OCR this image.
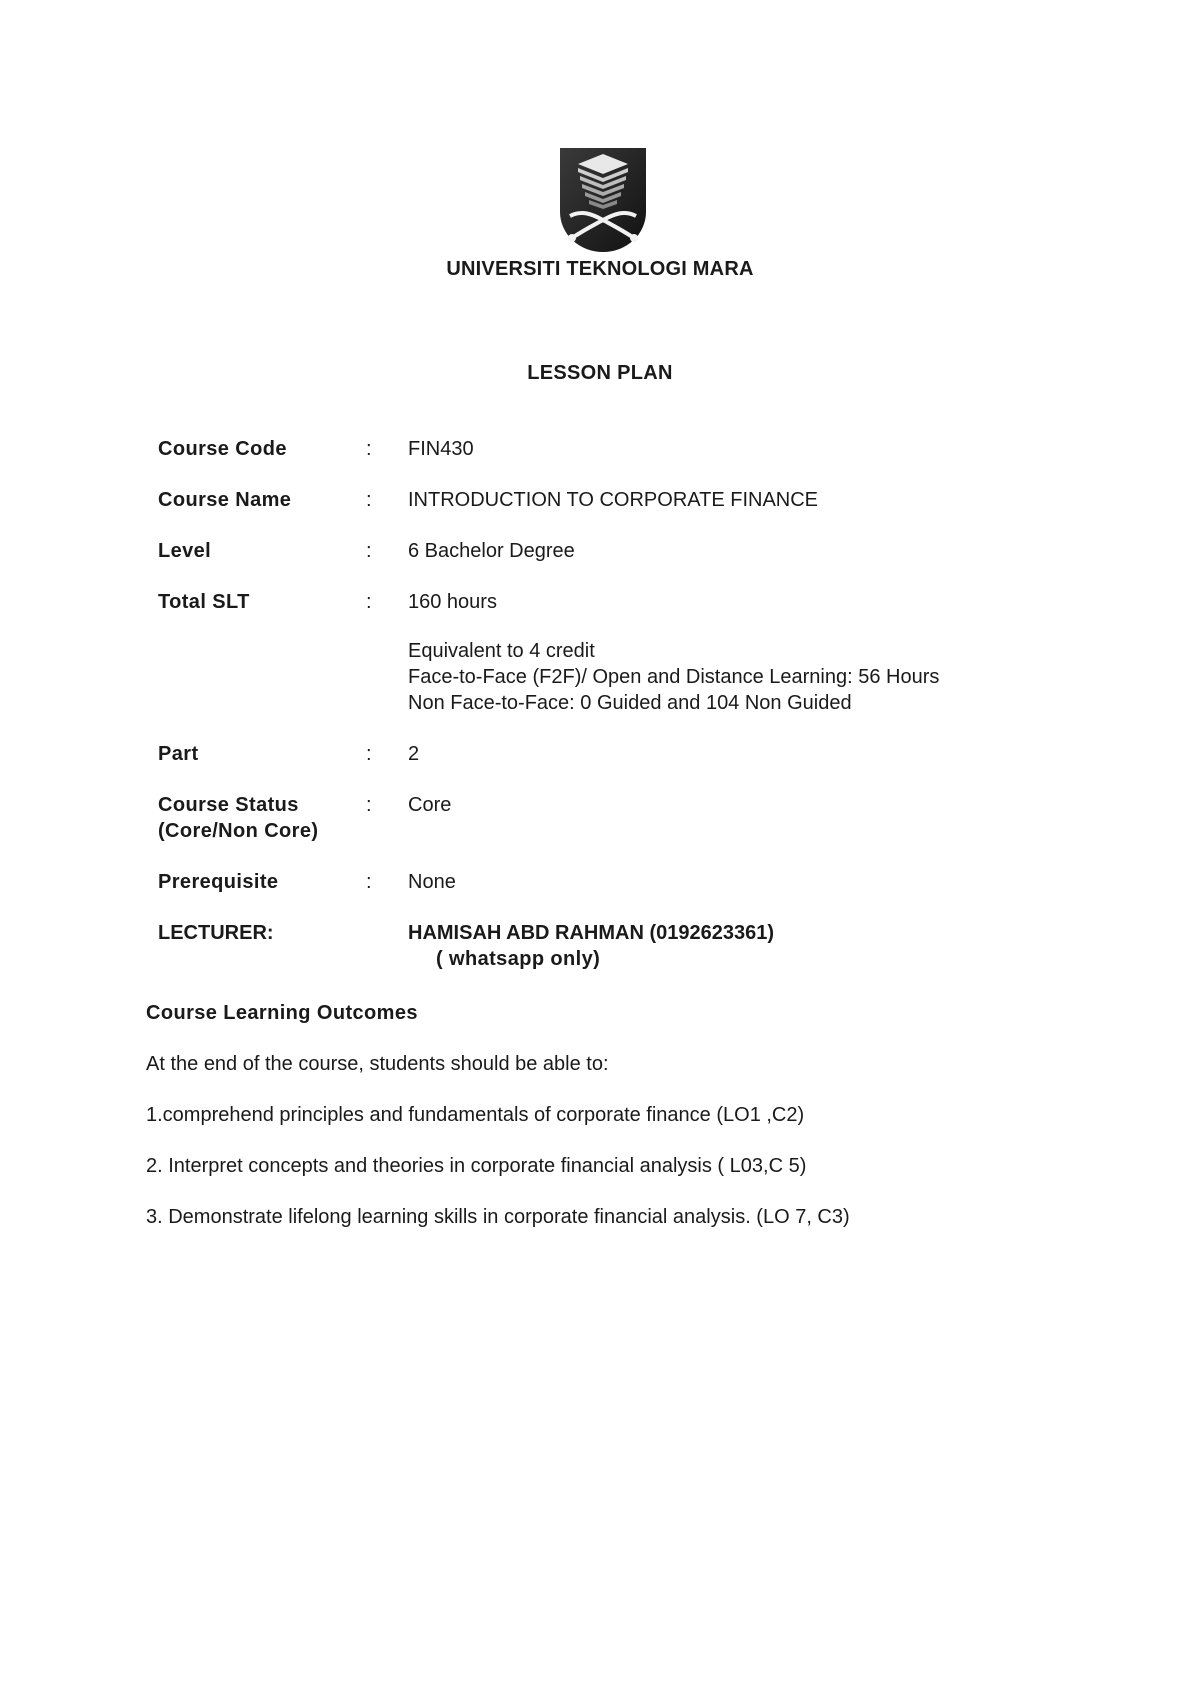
UNIVERSITI TEKNOLOGI MARA
LESSON PLAN
Course Code	:	FIN430
Course Name	:	INTRODUCTION TO CORPORATE FINANCE
Level	:	6 Bachelor Degree
Total SLT	:	160 hours
Equivalent to 4 credit
Face-to-Face (F2F)/ Open and Distance Learning: 56 Hours
Non Face-to-Face: 0 Guided and 104 Non Guided
Part	:	2
Course Status
(Core/Non Core)
:	Core
Prerequisite	:	None
LECTURER:	HAMISAH ABD RAHMAN (0192623361)
( whatsapp only)
Course Learning Outcomes
At the end of the course, students should be able to:
1.comprehend principles and fundamentals of corporate finance (LO1 ,C2)
2. Interpret concepts and theories in corporate financial analysis ( L03,C 5)
3. Demonstrate lifelong learning skills in corporate financial analysis. (LO 7, C3)
